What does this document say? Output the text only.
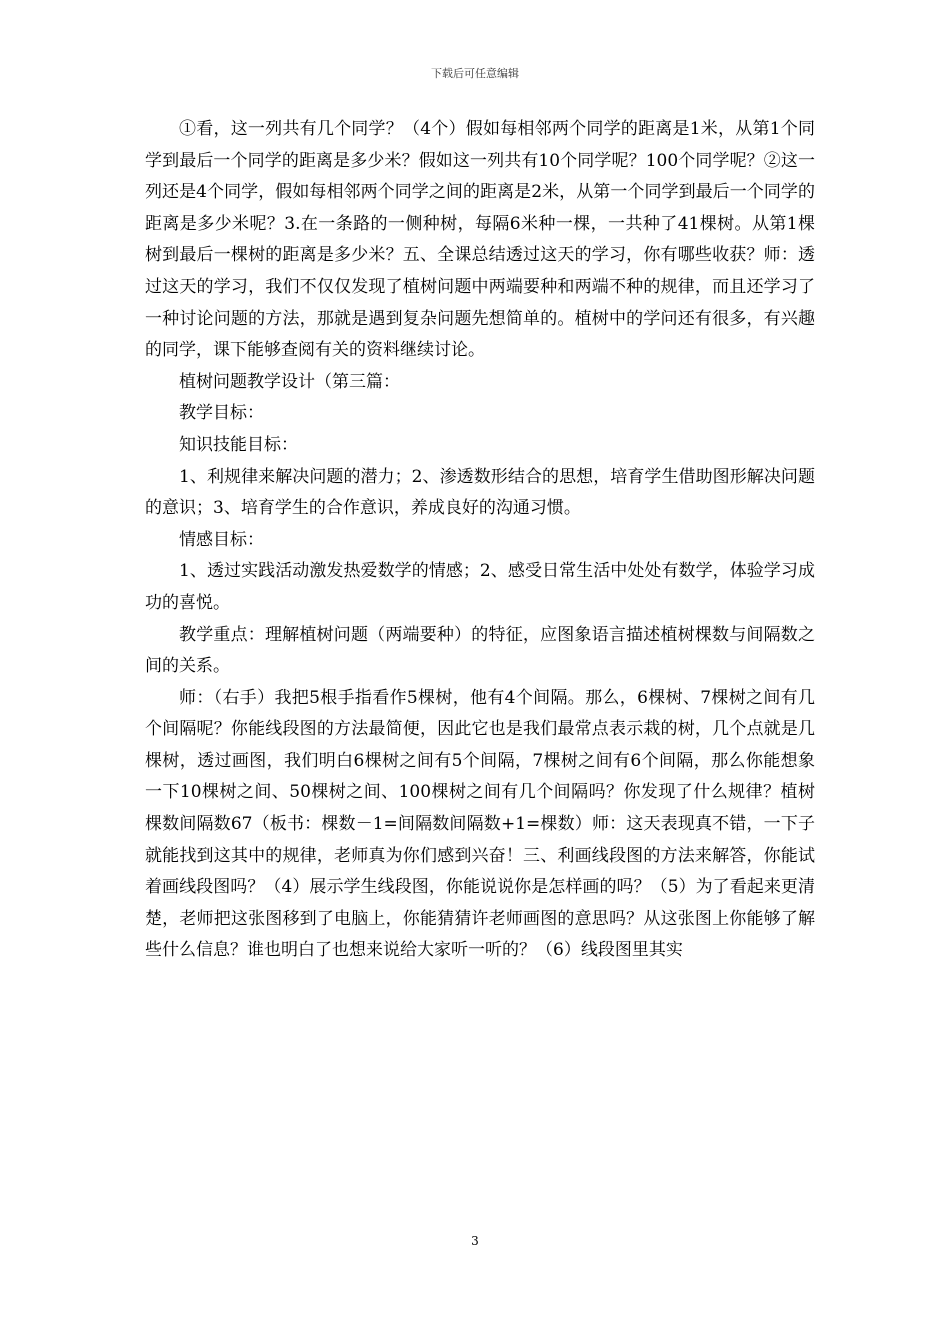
下载后可任意编辑

①看，这一列共有几个同学？（4个）假如每相邻两个同学的距离是1米，从第1个同学到最后一个同学的距离是多少米？假如这一列共有10个同学呢？100个同学呢？②这一列还是4个同学，假如每相邻两个同学之间的距离是2米，从第一个同学到最后一个同学的距离是多少米呢？3.在一条路的一侧种树，每隔6米种一棵，一共种了41棵树。从第1棵树到最后一棵树的距离是多少米？五、全课总结透过这天的学习，你有哪些收获？师：透过这天的学习，我们不仅仅发现了植树问题中两端要种和两端不种的规律，而且还学习了一种讨论问题的方法，那就是遇到复杂问题先想简单的。植树中的学问还有很多，有兴趣的同学，课下能够查阅有关的资料继续讨论。

植树问题教学设计（第三篇：

教学目标：

知识技能目标：

1、利规律来解决问题的潜力；2、渗透数形结合的思想，培育学生借助图形解决问题的意识；3、培育学生的合作意识，养成良好的沟通习惯。

情感目标：

1、透过实践活动激发热爱数学的情感；2、感受日常生活中处处有数学，体验学习成功的喜悦。

教学重点：理解植树问题（两端要种）的特征，应图象语言描述植树棵数与间隔数之间的关系。

师：（右手）我把5根手指看作5棵树，他有4个间隔。那么，6棵树、7棵树之间有几个间隔呢？你能线段图的方法最简便，因此它也是我们最常点表示栽的树，几个点就是几棵树，透过画图，我们明白6棵树之间有5个间隔，7棵树之间有6个间隔，那么你能想象一下10棵树之间、50棵树之间、100棵树之间有几个间隔吗？你发现了什么规律？植树棵数间隔数67（板书：棵数－1=间隔数间隔数+1=棵数）师：这天表现真不错，一下子就能找到这其中的规律，老师真为你们感到兴奋！三、利画线段图的方法来解答，你能试着画线段图吗？（4）展示学生线段图，你能说说你是怎样画的吗？（5）为了看起来更清楚，老师把这张图移到了电脑上，你能猜猜许老师画图的意思吗？从这张图上你能够了解些什么信息？谁也明白了也想来说给大家听一听的？（6）线段图里其实

3
